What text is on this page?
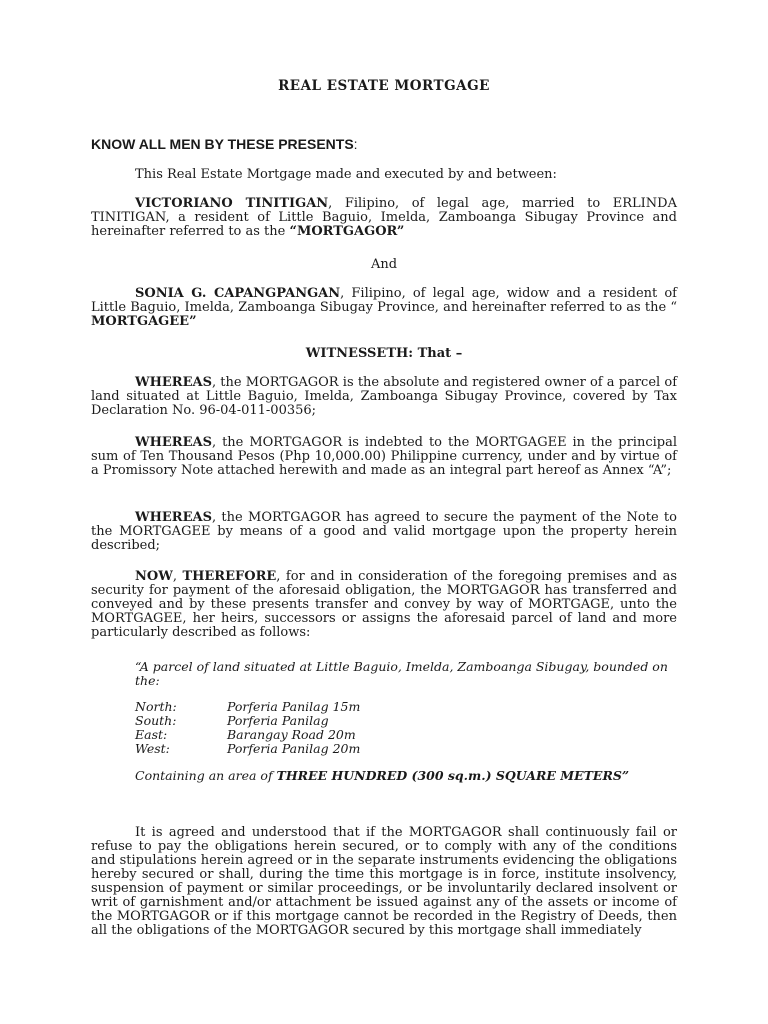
REAL ESTATE MORTGAGE
KNOW ALL MEN BY THESE PRESENTS:
This Real Estate Mortgage made and executed by and between:
VICTORIANO TINITIGAN, Filipino, of legal age, married to ERLINDA TINITIGAN, a resident of Little Baguio, Imelda, Zamboanga Sibugay Province and hereinafter referred to as the “MORTGAGOR”
And
SONIA G. CAPANGPANGAN, Filipino, of legal age, widow and a resident of Little Baguio, Imelda, Zamboanga Sibugay Province, and hereinafter referred to as the “ MORTGAGEE”
WITNESSETH: That –
WHEREAS, the MORTGAGOR is the absolute and registered owner of a parcel of land situated at Little Baguio, Imelda, Zamboanga Sibugay Province, covered by Tax Declaration No. 96-04-011-00356;
WHEREAS, the MORTGAGOR is indebted to the MORTGAGEE in the principal sum of Ten Thousand Pesos (Php 10,000.00) Philippine currency, under and by virtue of a Promissory Note attached herewith and made as an integral part hereof as Annex “A”;
WHEREAS, the MORTGAGOR has agreed to secure the payment of the Note to the MORTGAGEE by means of a good and valid mortgage upon the property herein described;
NOW, THEREFORE, for and in consideration of the foregoing premises and as security for payment of the aforesaid obligation, the MORTGAGOR has transferred and conveyed and by these presents transfer and convey by way of MORTGAGE, unto the MORTGAGEE, her heirs, successors or assigns the aforesaid parcel of land and more particularly described as follows:
“A parcel of land situated at Little Baguio, Imelda, Zamboanga Sibugay, bounded on the:
North:	Porferia Panilag 15m
South:	Porferia Panilag
East:	Barangay Road 20m
West:	Porferia Panilag 20m
Containing an area of THREE HUNDRED (300 sq.m.) SQUARE METERS”
It is agreed and understood that if the MORTGAGOR shall continuously fail or refuse to pay the obligations herein secured, or to comply with any of the conditions and stipulations herein agreed or in the separate instruments evidencing the obligations hereby secured or shall, during the time this mortgage is in force, institute insolvency, suspension of payment or similar proceedings, or be involuntarily declared insolvent or writ of garnishment and/or attachment be issued against any of the assets or income of the MORTGAGOR or if this mortgage cannot be recorded in the Registry of Deeds, then all the obligations of the MORTGAGOR secured by this mortgage shall immediately
